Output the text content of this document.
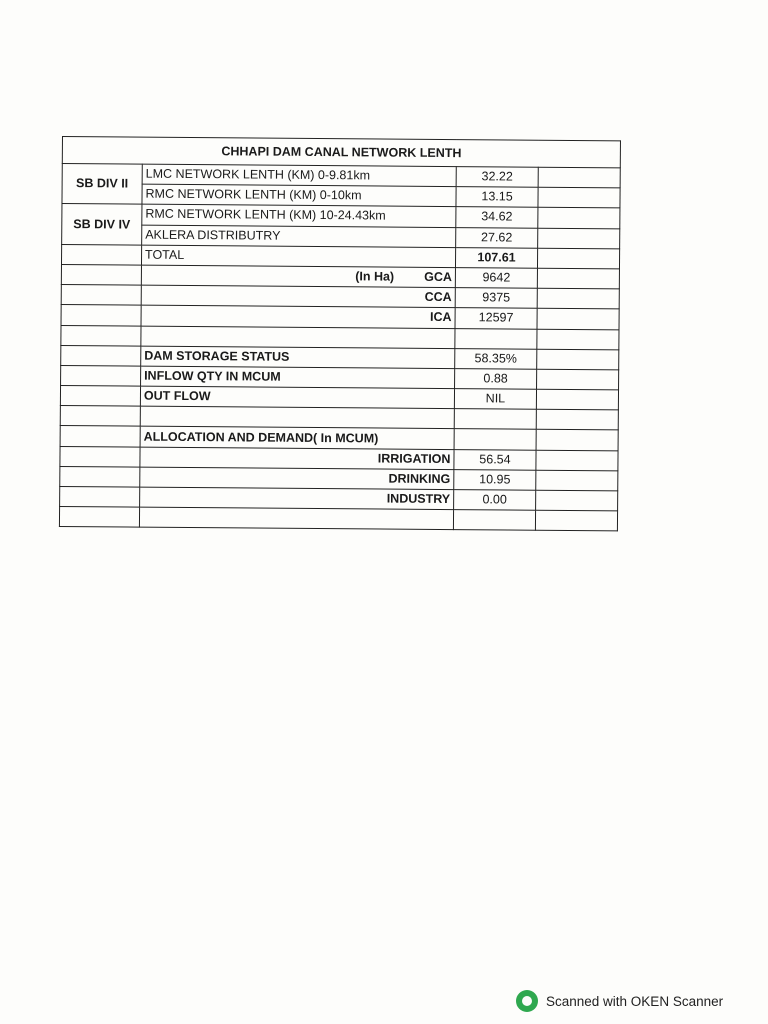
CHHAPI DAM CANAL NETWORK LENTH			
SB DIV II	LMC NETWORK LENTH (KM) 0-9.81km	32.22	
	RMC NETWORK LENTH (KM) 0-10km	13.15	
SB DIV IV	RMC NETWORK LENTH (KM) 10-24.43km	34.62	
	AKLERA DISTRIBUTRY	27.62	
	TOTAL	107.61	
	(In Ha) GCA	9642	
	CCA	9375	
	ICA	12597	

	DAM STORAGE STATUS	58.35%	
	INFLOW QTY IN MCUM	0.88	
	OUT FLOW	NIL	

	ALLOCATION AND DEMAND( In MCUM)		
	IRRIGATION	56.54	
	DRINKING	10.95	
	INDUSTRY	0.00	

Scanned with OKEN Scanner
